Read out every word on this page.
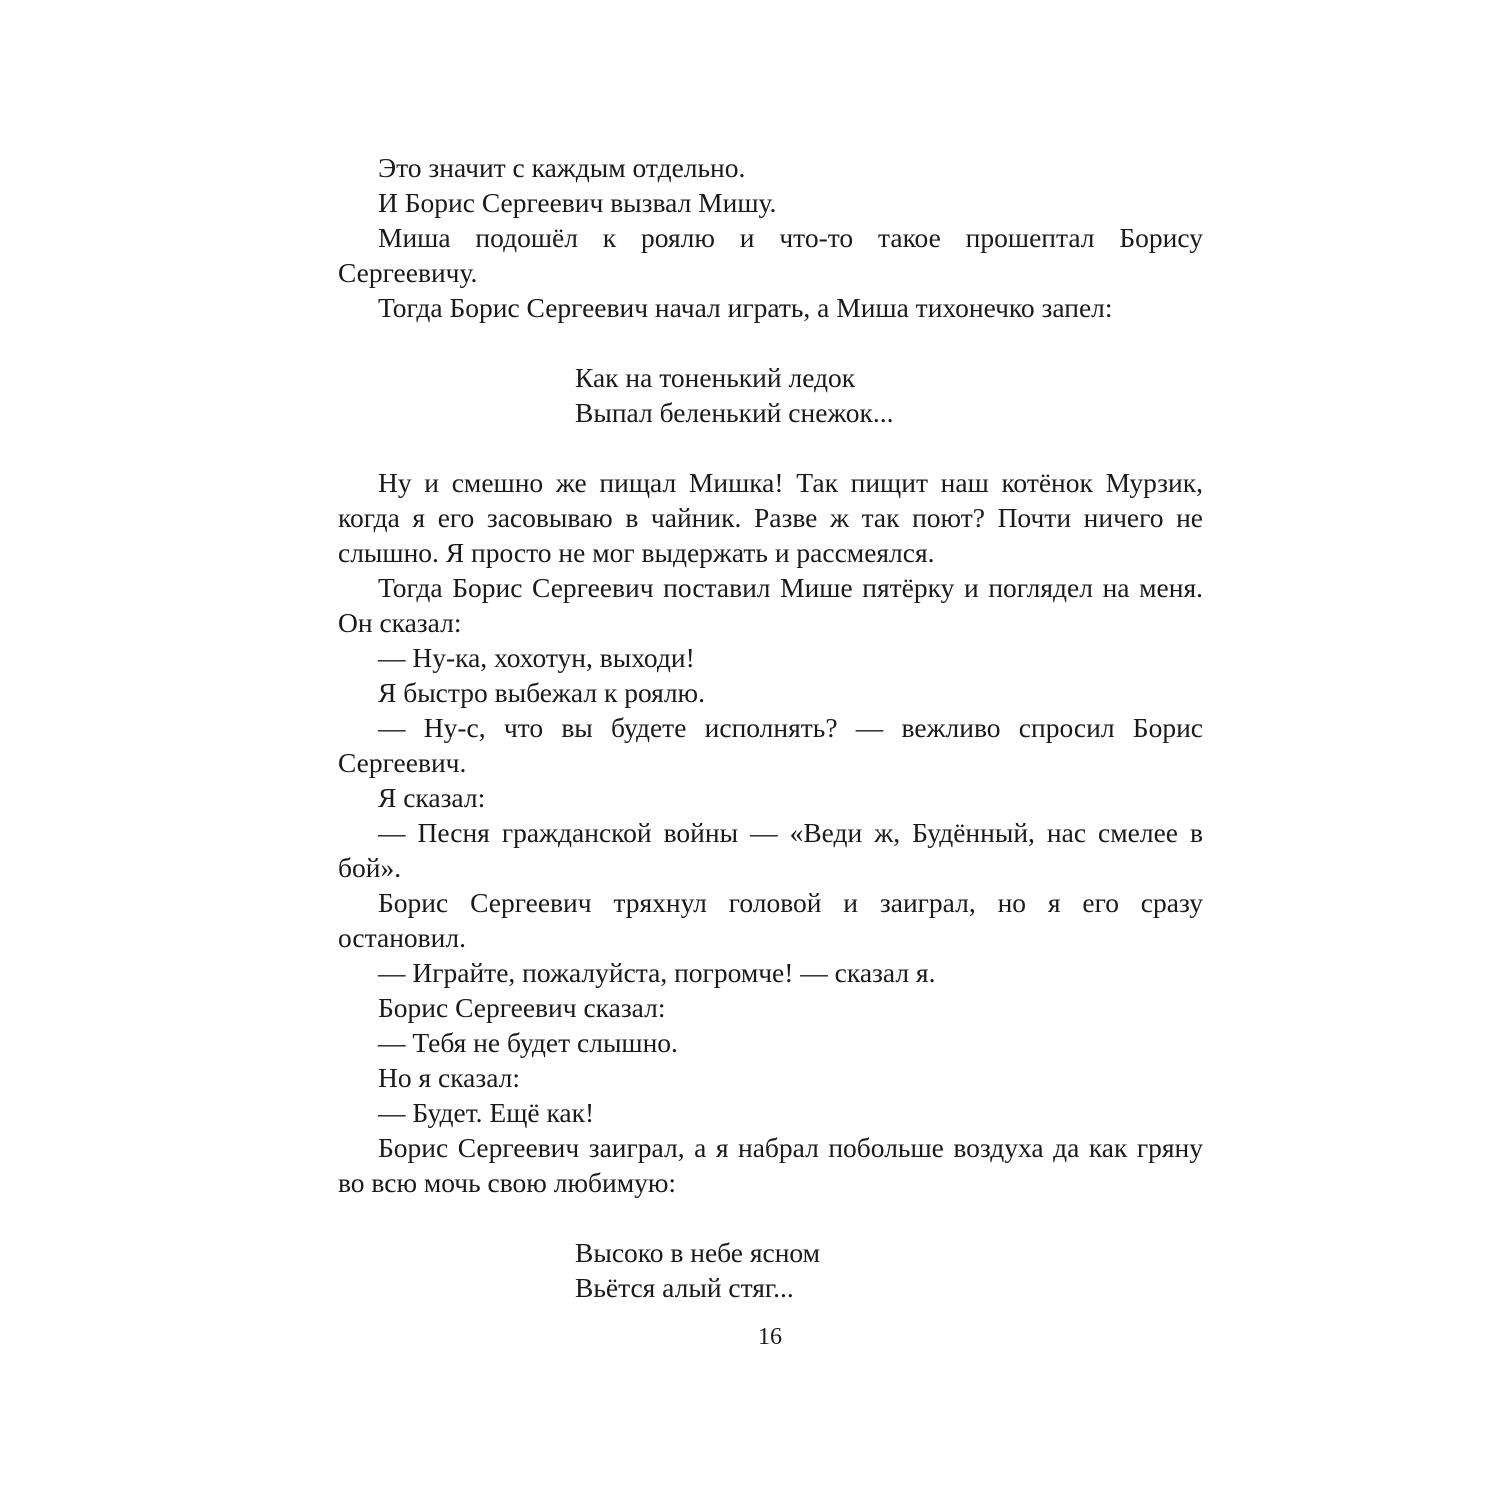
Это значит с каждым отдельно.

И Борис Сергеевич вызвал Мишу.

Миша подошёл к роялю и что-то такое прошептал Борису Сергеевичу.

Тогда Борис Сергеевич начал играть, а Миша тихонечко запел:

Как на тоненький ледок
Выпал беленький снежок...

Ну и смешно же пищал Мишка! Так пищит наш котёнок Мурзик, когда я его засовываю в чайник. Разве ж так поют? Почти ничего не слышно. Я просто не мог выдержать и рассмеялся.

Тогда Борис Сергеевич поставил Мише пятёрку и поглядел на меня. Он сказал:

— Ну-ка, хохотун, выходи!

Я быстро выбежал к роялю.

— Ну-с, что вы будете исполнять? — вежливо спросил Борис Сергеевич.

Я сказал:

— Песня гражданской войны — «Веди ж, Будённый, нас смелее в бой».

Борис Сергеевич тряхнул головой и заиграл, но я его сразу остановил.

— Играйте, пожалуйста, погромче! — сказал я.

Борис Сергеевич сказал:

— Тебя не будет слышно.

Но я сказал:

— Будет. Ещё как!

Борис Сергеевич заиграл, а я набрал побольше воздуха да как гряну во всю мочь свою любимую:

Высоко в небе ясном
Вьётся алый стяг...
16
